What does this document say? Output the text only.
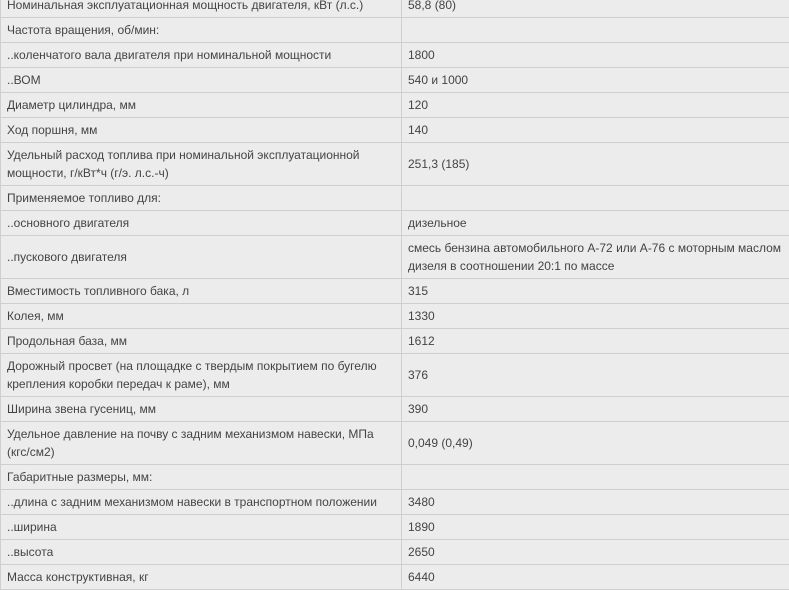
Номинальная эксплуатационная мощность двигателя, кВт (л.с.)	58,8 (80)
Частота вращения, об/мин:	
..коленчатого вала двигателя при номинальной мощности	1800
..ВОМ	540 и 1000
Диаметр цилиндра, мм	120
Ход поршня, мм	140
Удельный расход топлива при номинальной эксплуатационной мощности, г/кВт*ч (г/э. л.с.-ч)	251,3 (185)
Применяемое топливо для:	
..основного двигателя	дизельное
..пускового двигателя	смесь бензина автомобильного А-72 или А-76 с моторным маслом дизеля в соотношении 20:1 по массе
Вместимость топливного бака, л	315
Колея, мм	1330
Продольная база, мм	1612
Дорожный просвет (на площадке с твердым покрытием по бугелю крепления коробки передач к раме), мм	376
Ширина звена гусениц, мм	390
Удельное давление на почву с задним механизмом навески, МПа (кгс/см2)	0,049 (0,49)
Габаритные размеры, мм:	
..длина с задним механизмом навески в транспортном положении	3480
..ширина	1890
..высота	2650
Масса конструктивная, кг	6440
